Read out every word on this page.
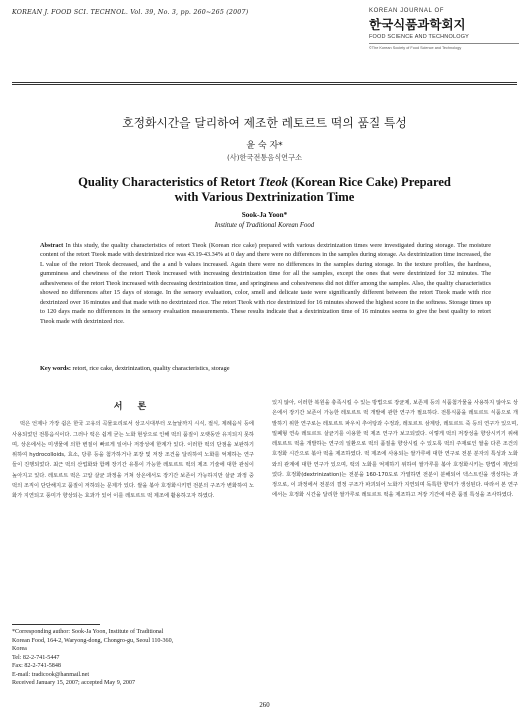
KOREAN J. FOOD SCI. TECHNOL. Vol. 39, No. 3, pp. 260~265 (2007)	KOREAN JOURNAL OF
한국식품과학회지
FOOD SCIENCE AND TECHNOLOGY
©The Korean Society of Food Science and Technology
호정화시간을 달리하여 제조한 레토르트 떡의 품질 특성
윤 숙 자*
(사)한국전통음식연구소
Quality Characteristics of Retort Tteok (Korean Rice Cake) Prepared
with Various Dextrinization Time
Sook-Ja Yoon*
Institute of Traditional Korean Food
Abstract In this study, the quality characteristics of retort Tteok (Korean rice cake) prepared with various dextrinization times were investigated during storage. The moisture content of the retort Tteok made with dextrinized rice was 43.19-43.34% at 0 day and there were no differences in the samples during storage. As dextrinization time increased, the L value of the retort Tteok decreased, and the a and b values increased. Again there were no differences in the samples during storage. In the texture profiles, the hardness, gumminess and chewiness of the retort Tteok increased with increasing dextrinization time for all the samples, except the ones that were dextrinized for 32 minutes. The adhesiveness of the retort Tteok increased with decreasing dextrinization time, and springiness and cohesiveness did not differ among the samples. Also, the quality characteristics showed no differences after 15 days of storage. In the sensory evaluation, color, smell and delicate taste were significantly different between the retort Tteok made with rice dextrinized over 16 minutes and that made with no dextrinized rice. The retort Tteok with rice dextrinized for 16 minutes showed the highest score in the softness. Storage times up to 120 days made no differences in the sensory evaluation measurements. These results indicate that a dextrinization time of 16 minutes seems to give the best quality to retort Tteok made with dextrinized rice.
Key words: retort, rice cake, dextrinization, quality characteristics, storage
서 론

떡은 언제나 가장 쉽은 한국 고유의 곡물요리로서 상고시대부터 오늘날까지 시식, 절식, 제례음식 등에 사용되었던 전통음식이다. 그러나 떡은 쉽게 굳는 노화 현상으로 인해 떡의 품질이 오랫동안 유지되지 못하며, 상온에서는 미생물에 의한 변질이 빠르게 일어나 저장성에 한계가 있다. 이러한 떡의 단점을 보완하기 위하여 hydrocolloids, 효소, 당류 등을 첨가하거나 포장 및 저장 조건을 달리하여 노화를 억제하는 연구들이 진행되었다. 최근 떡의 산업화와 함께 장기간 유통이 가능한 레토르트 떡의 제조 기술에 대한 관심이 높아지고 있다. 레토르트 떡은 고압 살균 과정을 거쳐 상온에서도 장기간 보존이 가능하지만 살균 과정 중 떡의 조직이 단단해지고 품질이 저하되는 문제가 있다. 쌀을 볶아 호정화시키면 전분의 구조가 변화하여 노화가 지연되고 풍미가 향상되는 효과가 있어 이를 레토르트 떡 제조에 활용하고자 하였다.

있지 않아, 이러한 복원을 충족시킬 수 있는 방법으로 장균제, 보존제 등의 식품첨가물을 사용하지 않아도 상온에서 장기간 보존이 가능한 레토르트 떡 개발에 관한 연구가 필요하다. 전통식품을 레토르트 식품으로 개발하기 위한 연구로는 레토르트 파우치 추어탕과 수정과, 레토르트 삼계탕, 레토르트 죽 등의 연구가 있으며, 밀폐형 연속 레토르트 살균기를 이용한 떡 제조 연구가 보고되었다. 이렇게 떡의 저장성을 향상시키기 위해 레토르트 떡을 개발하는 연구의 일환으로 떡의 품질을 향상시킬 수 있도록 떡의 주재료인 쌀을 다른 조건의 호정화 시간으로 볶아 떡을 제조하였다. 떡 제조에 사용되는 쌀가루에 대한 연구로 전분 분자의 특성과 노화와의 관계에 대한 연구가 있으며, 떡의 노화를 억제하기 위하여 쌀가루를 볶아 호정화시키는 방법이 제안되었다. 호정화(dextrinization)는 전분을 160-170도로 가열하면 전분이 분해되어 덱스트린을 생성하는 과정으로, 이 과정에서 전분의 결정 구조가 파괴되어 노화가 지연되며 독특한 향미가 생성된다. 따라서 본 연구에서는 호정화 시간을 달리한 쌀가루로 레토르트 떡을 제조하고 저장 기간에 따른 품질 특성을 조사하였다.

*Corresponding author: Sook-Ja Yoon, Institute of Traditional
Korean Food, 164-2, Waryong-dong, Chongro-gu, Seoul 110-360,
Korea
Tel: 82-2-741-5447
Fax: 82-2-741-5848
E-mail: tradicook@hanmail.net
Received January 15, 2007; accepted May 9, 2007
260
